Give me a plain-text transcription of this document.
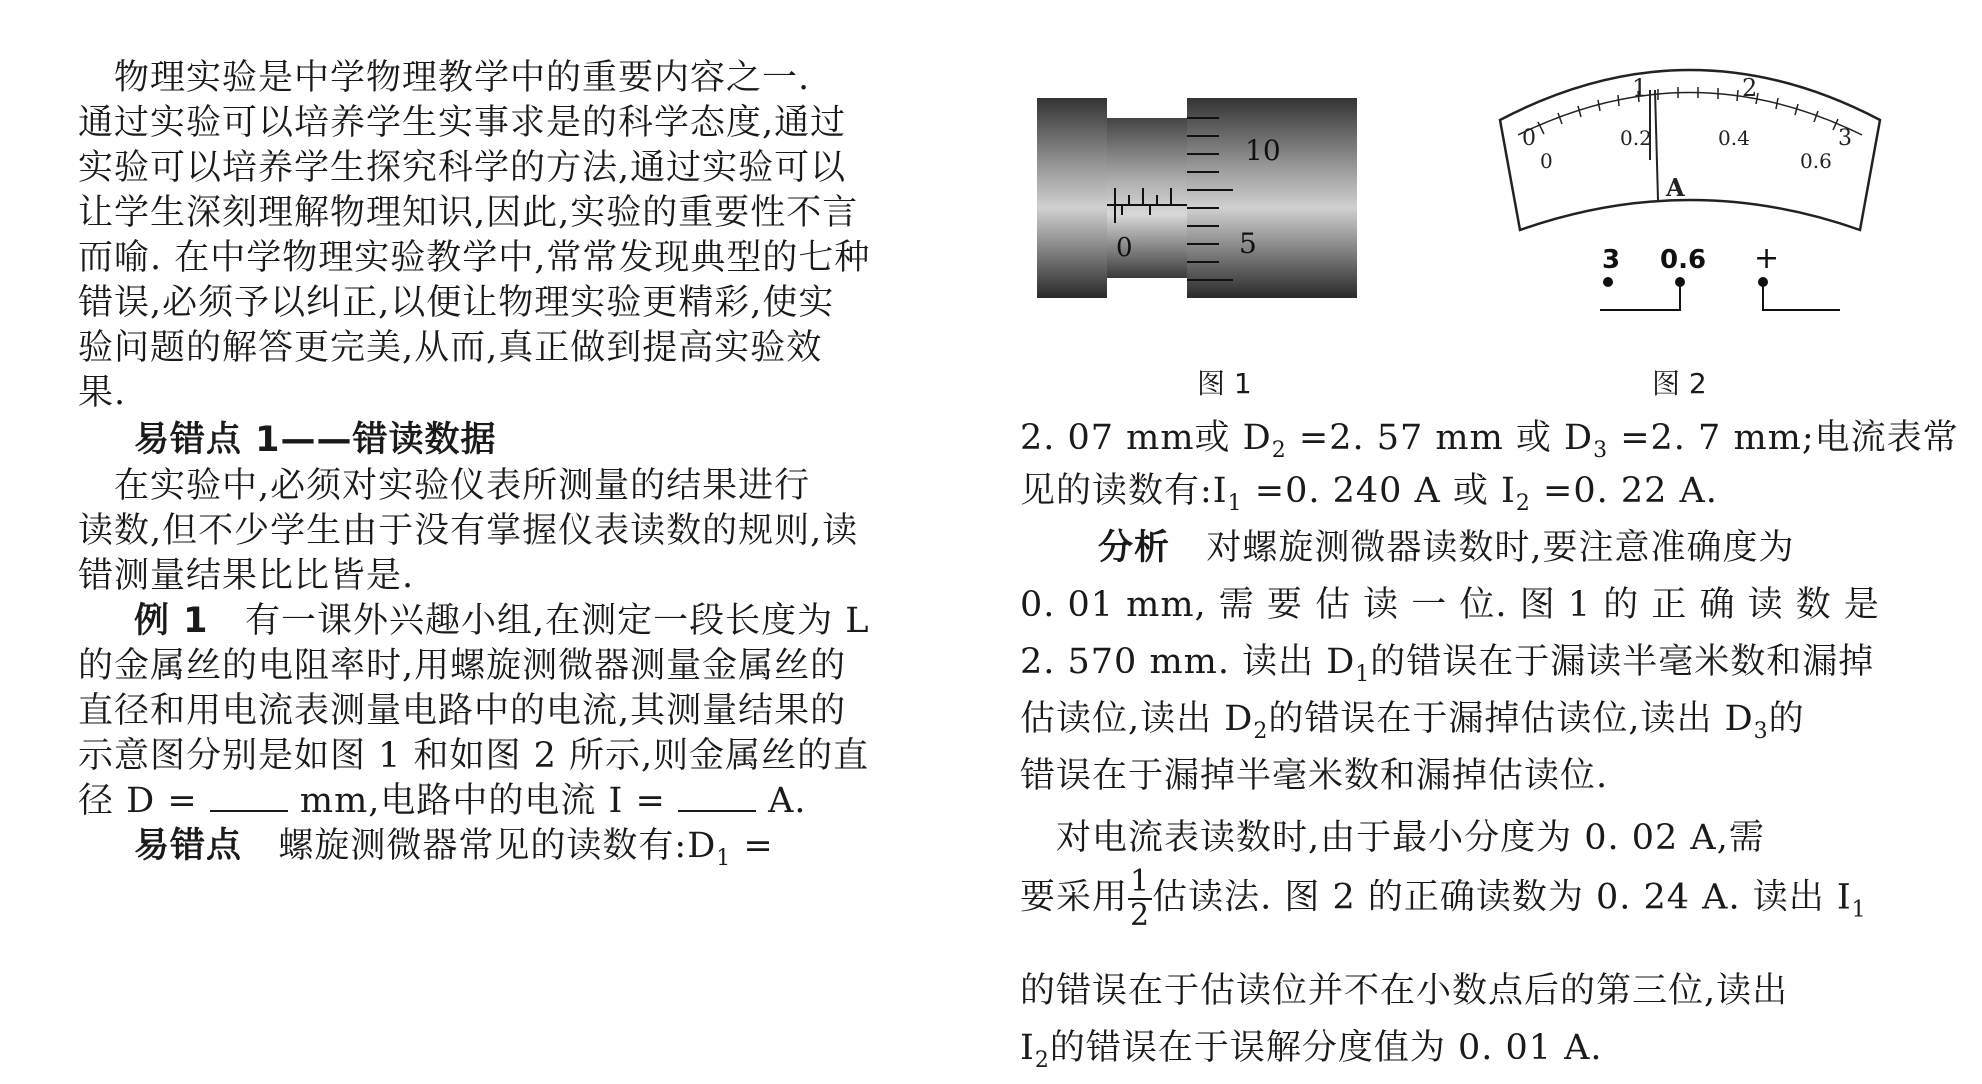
　物理实验是中学物理教学中的重要内容之一.
通过实验可以培养学生实事求是的科学态度,通过
实验可以培养学生探究科学的方法,通过实验可以
让学生深刻理解物理知识,因此,实验的重要性不言
而喻. 在中学物理实验教学中,常常发现典型的七种
错误,必须予以纠正,以便让物理实验更精彩,使实
验问题的解答更完美,从而,真正做到提高实验效
果.
易错点 1——错读数据
　在实验中,必须对实验仪表所测量的结果进行
读数,但不少学生由于没有掌握仪表读数的规则,读
错测量结果比比皆是.
例 1 有一课外兴趣小组,在测定一段长度为 L
的金属丝的电阻率时,用螺旋测微器测量金属丝的
直径和用电流表测量电路中的电流,其测量结果的
示意图分别是如图 1 和如图 2 所示,则金属丝的直
径 D =	mm,电路中的电流 I =	A.
易错点 螺旋测微器常见的读数有$:D_1$ =
10
5
0
图 1
0
1	2
3
0
0.2	0.4
0.6
A
3 0.6 +
图 2
2. 07 mm或 $D_2 =2$. 57 mm 或 $D_3 =2$. 7 mm;电流表常
见的读数有$:I_1 =0$. 240 A 或 $I_2 =0$. 22 A.
分析 对螺旋测微器读数时,要注意准确度为
0. 01 mm, 需 要 估 读 一 位. 图 1 的 正 确 读 数 是
2. 570 mm. 读出 $D_1$的错误在于漏读半毫米数和漏掉
估读位,读出 $D_2$的错误在于漏掉估读位,读出 $D_3$的
错误在于漏掉半毫米数和漏掉估读位.
　对电流表读数时,由于最小分度为 0. 02 A,需
要采用 $\frac{1}{2}$ 估读法. 图 2 的正确读数为 0. 24 A. 读出 $I_1$
的错误在于估读位并不在小数点后的第三位,读出
$I_2$的错误在于误解分度值为 0. 01 A.
